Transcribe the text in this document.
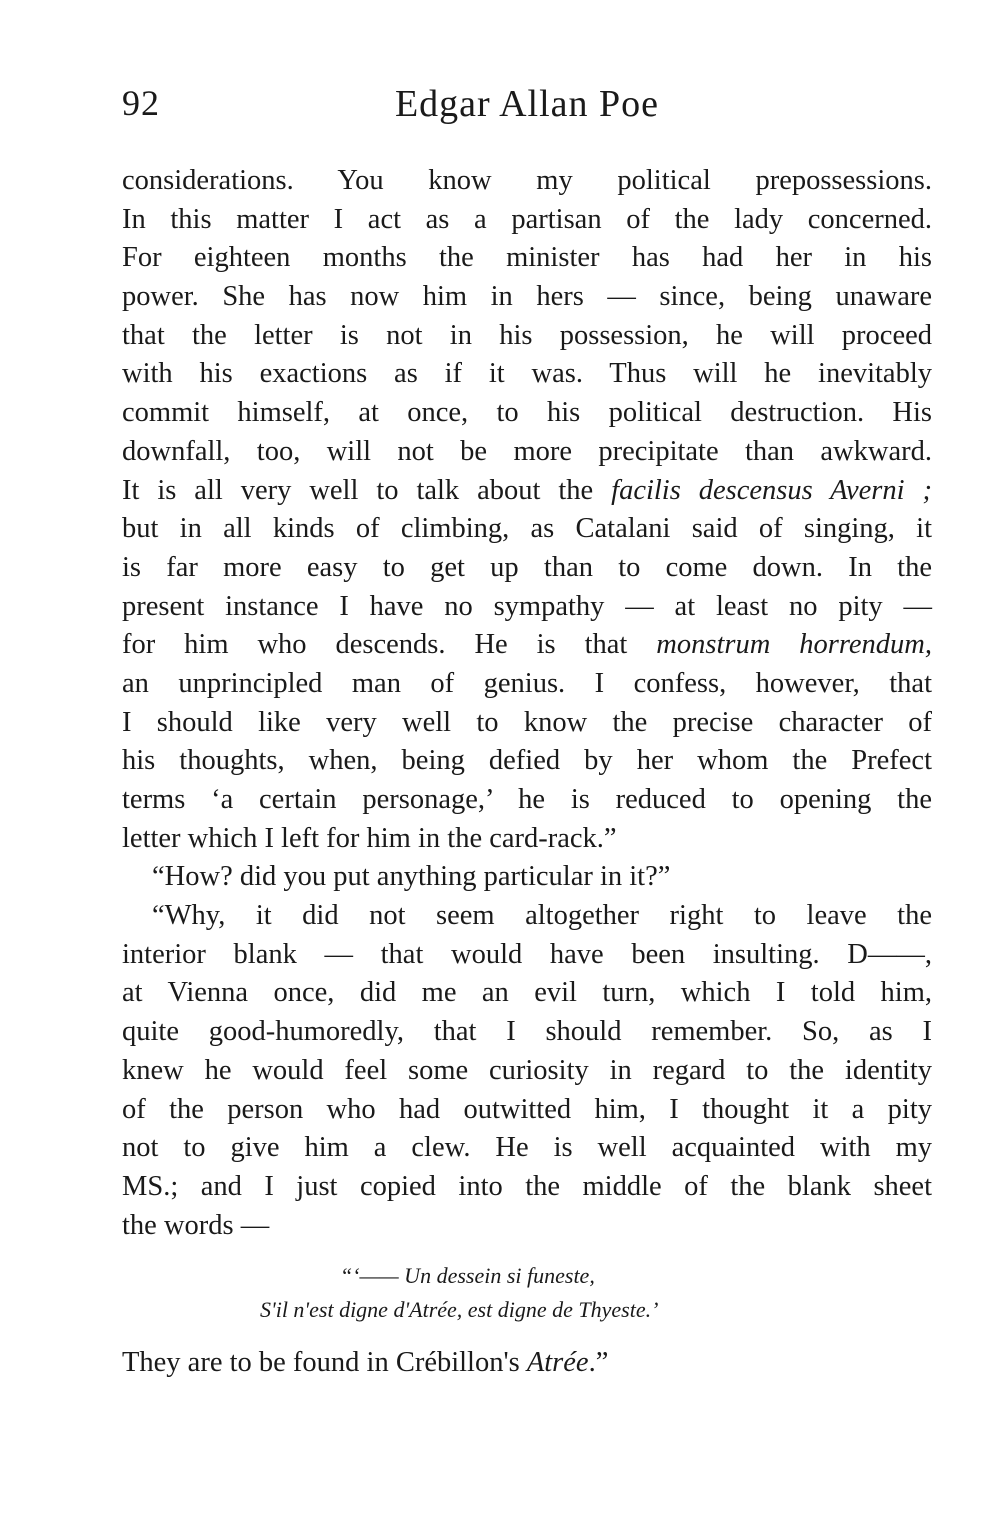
92	Edgar Allan Poe
considerations. You know my political prepossessions.
In this matter I act as a partisan of the lady concerned.
For eighteen months the minister has had her in his
power. She has now him in hers — since, being unaware
that the letter is not in his possession, he will proceed
with his exactions as if it was. Thus will he inevitably
commit himself, at once, to his political destruction. His
downfall, too, will not be more precipitate than awkward.
It is all very well to talk about the facilis descensus Averni ;
but in all kinds of climbing, as Catalani said of singing, it
is far more easy to get up than to come down. In the
present instance I have no sympathy — at least no pity —
for him who descends. He is that monstrum horrendum,
an unprincipled man of genius. I confess, however, that
I should like very well to know the precise character of
his thoughts, when, being defied by her whom the Prefect
terms ‘a certain personage,’ he is reduced to opening the
letter which I left for him in the card-rack.”
“How? did you put anything particular in it?”
“Why, it did not seem altogether right to leave the
interior blank — that would have been insulting. D——,
at Vienna once, did me an evil turn, which I told him,
quite good-humoredly, that I should remember. So, as I
knew he would feel some curiosity in regard to the identity
of the person who had outwitted him, I thought it a pity
not to give him a clew. He is well acquainted with my
MS.; and I just copied into the middle of the blank sheet
the words —
“‘—— Un dessein si funeste,
S'il n'est digne d'Atrée, est digne de Thyeste.’
They are to be found in Crébillon's Atrée.”
